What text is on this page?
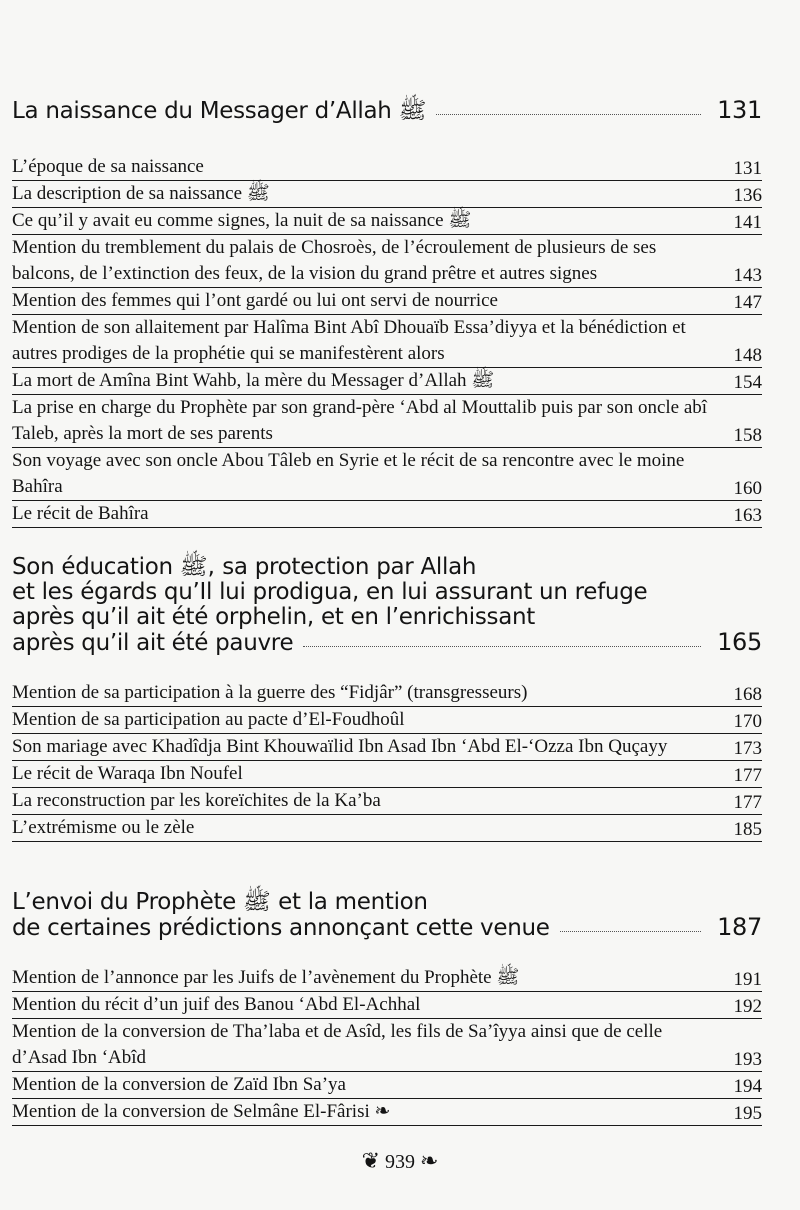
La naissance du Messager d’Allah ﷺ	131
L’époque de sa naissance	131
La description de sa naissance ﷺ	136
Ce qu’il y avait eu comme signes, la nuit de sa naissance ﷺ	141
Mention du tremblement du palais de Chosroès, de l’écroulement de plusieurs de ses balcons, de l’extinction des feux, de la vision du grand prêtre et autres signes	143
Mention des femmes qui l’ont gardé ou lui ont servi de nourrice	147
Mention de son allaitement par Halîma Bint Abî Dhouaïb Essa’diyya et la bénédiction et autres prodiges de la prophétie qui se manifestèrent alors	148
La mort de Amîna Bint Wahb, la mère du Messager d’Allah ﷺ	154
La prise en charge du Prophète par son grand-père ‘Abd al Mouttalib puis par son oncle abî Taleb, après la mort de ses parents	158
Son voyage avec son oncle Abou Tâleb en Syrie et le récit de sa rencontre avec le moine Bahîra	160
Le récit de Bahîra	163
Son éducation ﷺ, sa protection par Allah
et les égards qu’Il lui prodigua, en lui assurant un refuge
après qu’il ait été orphelin, et en l’enrichissant
après qu’il ait été pauvre	165
Mention de sa participation à la guerre des “Fidjâr” (transgresseurs)	168
Mention de sa participation au pacte d’El-Foudhoûl	170
Son mariage avec Khadîdja Bint Khouwaïlid Ibn Asad Ibn ‘Abd El-‘Ozza Ibn Quçayy	173
Le récit de Waraqa Ibn Noufel	177
La reconstruction par les koreïchites de la Ka’ba	177
L’extrémisme ou le zèle	185
L’envoi du Prophète ﷺ et la mention
de certaines prédictions annonçant cette venue	187
Mention de l’annonce par les Juifs de l’avènement du Prophète ﷺ	191
Mention du récit d’un juif des Banou ‘Abd El-Achhal	192
Mention de la conversion de Tha’laba et de Asîd, les fils de Sa’îyya ainsi que de celle d’Asad Ibn ‘Abîd	193
Mention de la conversion de Zaïd Ibn Sa’ya	194
Mention de la conversion de Selmâne El-Fârisi ❧	195
❦ 939 ❧
